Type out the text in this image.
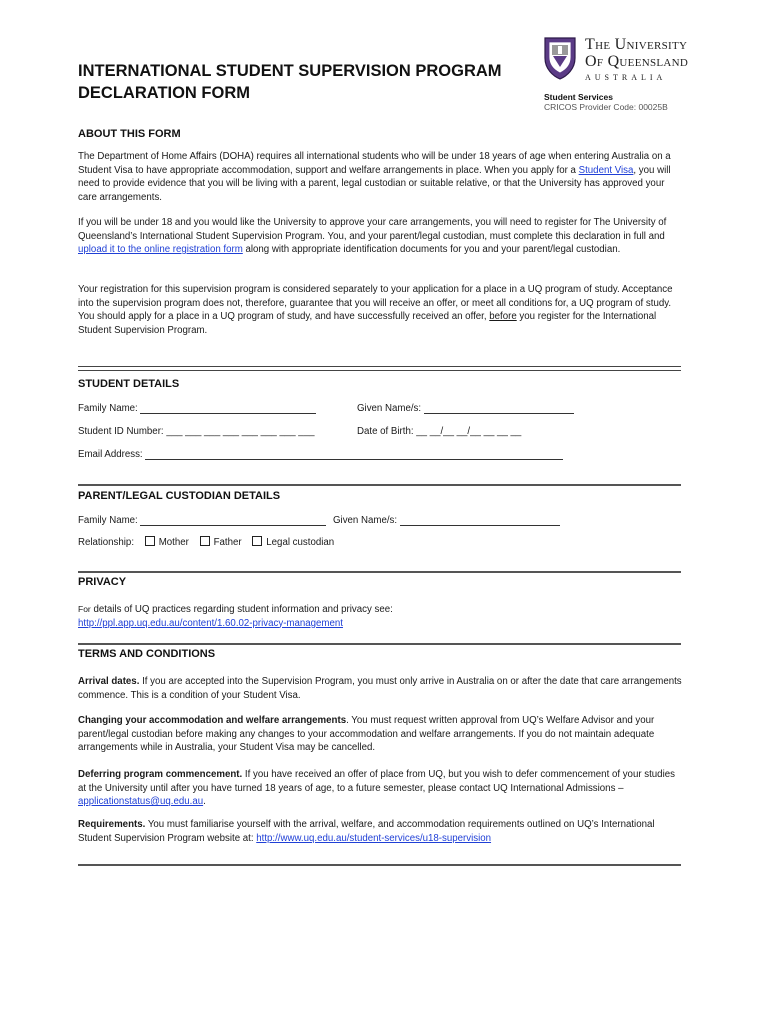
INTERNATIONAL STUDENT SUPERVISION PROGRAM
DECLARATION FORM
The University
Of Queensland
AUSTRALIA
Student Services
CRICOS Provider Code: 00025B
ABOUT THIS FORM
The Department of Home Affairs (DOHA) requires all international students who will be under 18 years of age when entering Australia on a Student Visa to have appropriate accommodation, support and welfare arrangements in place. When you apply for a Student Visa, you will need to provide evidence that you will be living with a parent, legal custodian or suitable relative, or that the University has approved your care arrangements.
If you will be under 18 and you would like the University to approve your care arrangements, you will need to register for The University of Queensland’s International Student Supervision Program. You, and your parent/legal custodian, must complete this declaration in full and upload it to the online registration form along with appropriate identification documents for you and your parent/legal custodian.
Your registration for this supervision program is considered separately to your application for a place in a UQ program of study. Acceptance into the supervision program does not, therefore, guarantee that you will receive an offer, or meet all conditions for, a UQ program of study. You should apply for a place in a UQ program of study, and have successfully received an offer, before you register for the International Student Supervision Program.
STUDENT DETAILS
Family Name:	Given Name/s:
Student ID Number: ___ ___ ___ ___ ___ ___ ___ ___	Date of Birth: __ __/__ __/__ __ __ __
Email Address:
PARENT/LEGAL CUSTODIAN DETAILS
Family Name:	Given Name/s:
Relationship:	Mother	Father	Legal custodian
PRIVACY
For details of UQ practices regarding student information and privacy see:
http://ppl.app.uq.edu.au/content/1.60.02-privacy-management
TERMS AND CONDITIONS
Arrival dates. If you are accepted into the Supervision Program, you must only arrive in Australia on or after the date that care arrangements commence. This is a condition of your Student Visa.
Changing your accommodation and welfare arrangements. You must request written approval from UQ’s Welfare Advisor and your parent/legal custodian before making any changes to your accommodation and welfare arrangements. If you do not maintain adequate arrangements while in Australia, your Student Visa may be cancelled.
Deferring program commencement. If you have received an offer of place from UQ, but you wish to defer commencement of your studies at the University until after you have turned 18 years of age, to a future semester, please contact UQ International Admissions – applicationstatus@uq.edu.au.
Requirements. You must familiarise yourself with the arrival, welfare, and accommodation requirements outlined on UQ’s International Student Supervision Program website at: http://www.uq.edu.au/student-services/u18-supervision
